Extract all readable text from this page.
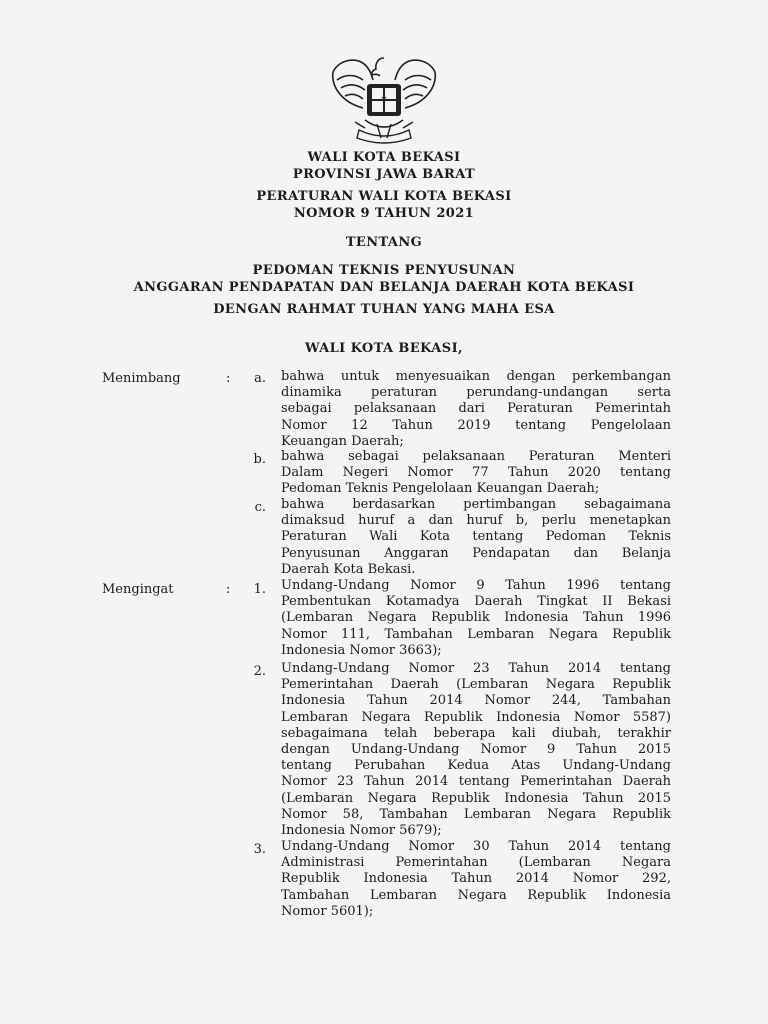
WALI KOTA BEKASI
PROVINSI JAWA BARAT
PERATURAN WALI KOTA BEKASI
NOMOR 9 TAHUN 2021
TENTANG
PEDOMAN TEKNIS PENYUSUNAN
ANGGARAN PENDAPATAN DAN BELANJA DAERAH KOTA BEKASI
DENGAN RAHMAT TUHAN YANG MAHA ESA
WALI KOTA BEKASI,
Menimbang	:	a. bahwa untuk menyesuaikan dengan perkembangan
dinamika peraturan perundang-undangan serta
sebagai pelaksanaan dari Peraturan Pemerintah
Nomor 12 Tahun 2019 tentang Pengelolaan
Keuangan Daerah;
b. bahwa sebagai pelaksanaan Peraturan Menteri
Dalam Negeri Nomor 77 Tahun 2020 tentang
Pedoman Teknis Pengelolaan Keuangan Daerah;
c. bahwa berdasarkan pertimbangan sebagaimana
dimaksud huruf a dan huruf b, perlu menetapkan
Peraturan Wali Kota tentang Pedoman Teknis
Penyusunan Anggaran Pendapatan dan Belanja
Daerah Kota Bekasi.
Mengingat	:	1. Undang-Undang Nomor 9 Tahun 1996 tentang
Pembentukan Kotamadya Daerah Tingkat II Bekasi
(Lembaran Negara Republik Indonesia Tahun 1996
Nomor 111, Tambahan Lembaran Negara Republik
Indonesia Nomor 3663);
2. Undang-Undang Nomor 23 Tahun 2014 tentang
Pemerintahan Daerah (Lembaran Negara Republik
Indonesia Tahun 2014 Nomor 244, Tambahan
Lembaran Negara Republik Indonesia Nomor 5587)
sebagaimana telah beberapa kali diubah, terakhir
dengan Undang-Undang Nomor 9 Tahun 2015
tentang Perubahan Kedua Atas Undang-Undang
Nomor 23 Tahun 2014 tentang Pemerintahan Daerah
(Lembaran Negara Republik Indonesia Tahun 2015
Nomor 58, Tambahan Lembaran Negara Republik
Indonesia Nomor 5679);
3. Undang-Undang Nomor 30 Tahun 2014 tentang
Administrasi Pemerintahan (Lembaran Negara
Republik Indonesia Tahun 2014 Nomor 292,
Tambahan Lembaran Negara Republik Indonesia
Nomor 5601);
